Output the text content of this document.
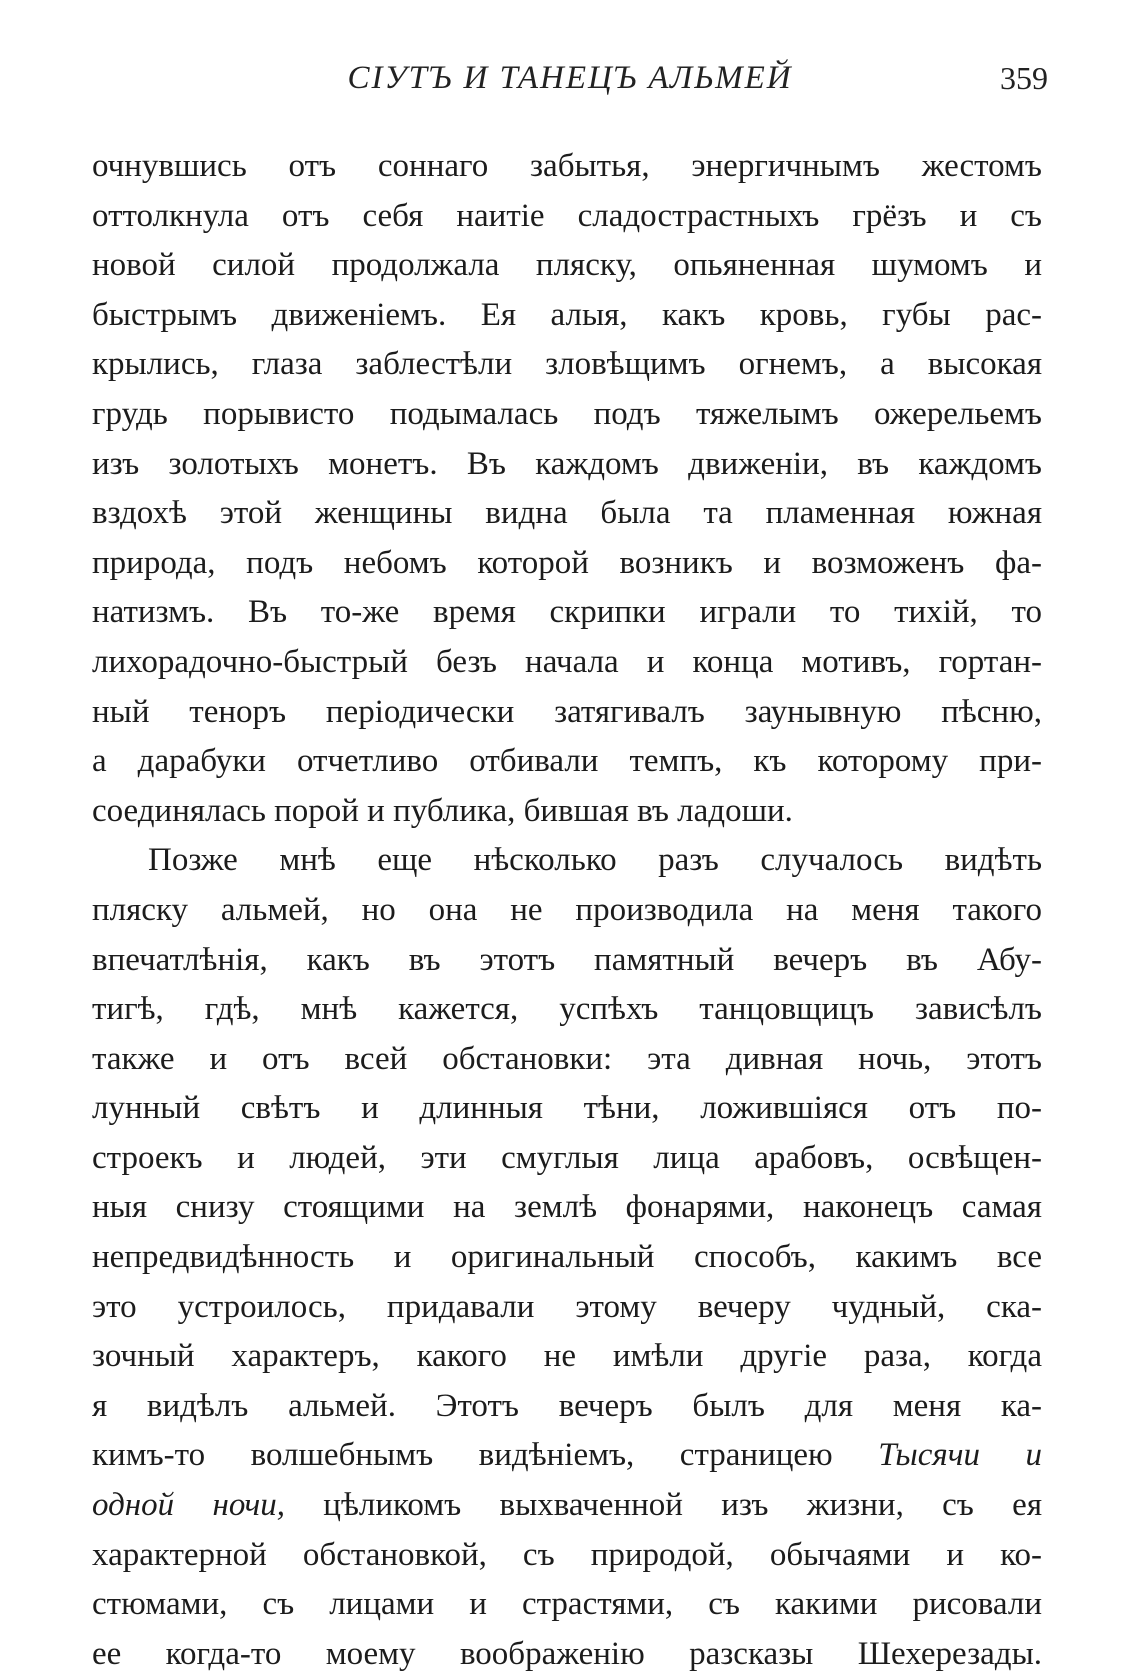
СІУТЪ И ТАНЕЦЪ АЛЬМЕЙ	359
очнувшись отъ соннаго забытья, энергичнымъ жестомъ
оттолкнула отъ себя наитіе сладострастныхъ грёзъ и съ
новой силой продолжала пляску, опьяненная шумомъ и
быстрымъ движеніемъ. Ея алыя, какъ кровь, губы рас-
крылись, глаза заблестѣли зловѣщимъ огнемъ, а высокая
грудь порывисто подымалась подъ тяжелымъ ожерельемъ
изъ золотыхъ монетъ. Въ каждомъ движеніи, въ каждомъ
вздохѣ этой женщины видна была та пламенная южная
природа, подъ небомъ которой возникъ и возможенъ фа-
натизмъ. Въ то-же время скрипки играли то тихій, то
лихорадочно-быстрый безъ начала и конца мотивъ, гортан-
ный теноръ періодически затягивалъ заунывную пѣсню,
а дарабуки отчетливо отбивали темпъ, къ которому при-
соединялась порой и публика, бившая въ ладоши.
Позже мнѣ еще нѣсколько разъ случалось видѣть
пляску альмей, но она не производила на меня такого
впечатлѣнія, какъ въ этотъ памятный вечеръ въ Абу-
тигѣ, гдѣ, мнѣ кажется, успѣхъ танцовщицъ зависѣлъ
также и отъ всей обстановки: эта дивная ночь, этотъ
лунный свѣтъ и длинныя тѣни, ложившіяся отъ по-
строекъ и людей, эти смуглыя лица арабовъ, освѣщен-
ныя снизу стоящими на землѣ фонарями, наконецъ самая
непредвидѣнность и оригинальный способъ, какимъ все
это устроилось, придавали этому вечеру чудный, ска-
зочный характеръ, какого не имѣли другіе раза, когда
я видѣлъ альмей. Этотъ вечеръ былъ для меня ка-
кимъ-то волшебнымъ видѣніемъ, страницею Тысячи и
одной ночи, цѣликомъ выхваченной изъ жизни, съ ея
характерной обстановкой, съ природой, обычаями и ко-
стюмами, съ лицами и страстями, съ какими рисовали
ее когда-то моему воображенію разсказы Шехерезады.
